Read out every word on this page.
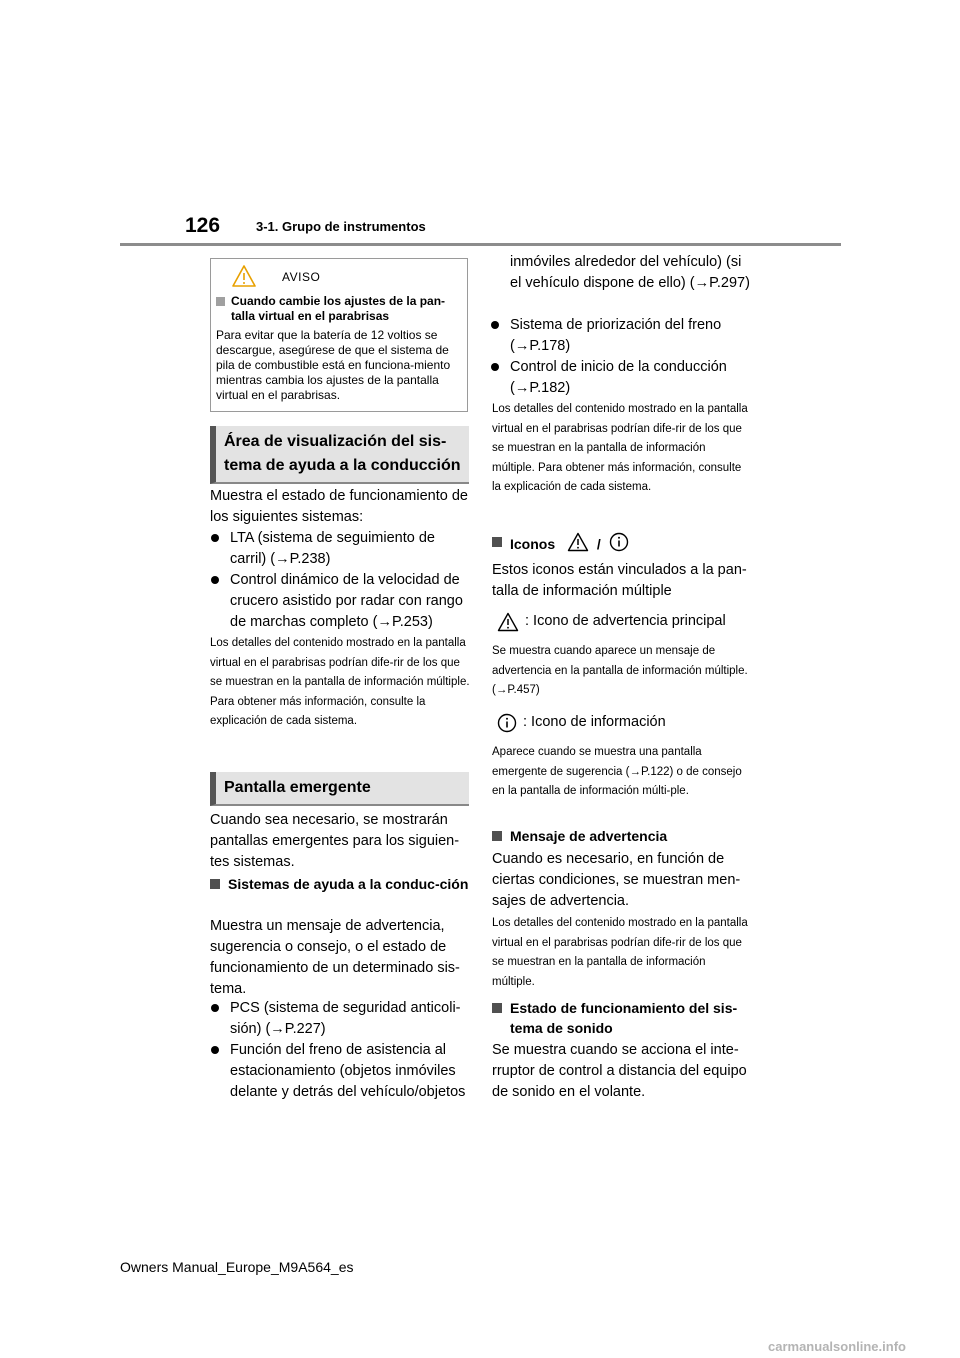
126	3-1. Grupo de instrumentos
AVISO
Cuando cambie los ajustes de la pan-talla virtual en el parabrisas
Para evitar que la batería de 12 voltios se descargue, asegúrese de que el sistema de pila de combustible está en funciona-miento mientras cambia los ajustes de la pantalla virtual en el parabrisas.
Área de visualización del sis-tema de ayuda a la conducción
Muestra el estado de funcionamiento de los siguientes sistemas:
LTA (sistema de seguimiento de carril) (→P.238)
Control dinámico de la velocidad de crucero asistido por radar con rango de marchas completo (→P.253)
Los detalles del contenido mostrado en la pantalla virtual en el parabrisas podrían dife-rir de los que se muestran en la pantalla de información múltiple. Para obtener más información, consulte la explicación de cada sistema.
Pantalla emergente
Cuando sea necesario, se mostrarán pantallas emergentes para los siguien-tes sistemas.
Sistemas de ayuda a la conduc-ción
Muestra un mensaje de advertencia, sugerencia o consejo, o el estado de funcionamiento de un determinado sis-tema.
PCS (sistema de seguridad anticoli-sión) (→P.227)
Función del freno de asistencia al estacionamiento (objetos inmóviles delante y detrás del vehículo/objetos
inmóviles alrededor del vehículo) (si el vehículo dispone de ello) (→P.297)
Sistema de priorización del freno (→P.178)
Control de inicio de la conducción (→P.182)
Los detalles del contenido mostrado en la pantalla virtual en el parabrisas podrían dife-rir de los que se muestran en la pantalla de información múltiple. Para obtener más información, consulte la explicación de cada sistema.
Iconos	/
Estos iconos están vinculados a la pan-talla de información múltiple
: Icono de advertencia principal
Se muestra cuando aparece un mensaje de advertencia en la pantalla de información múltiple. (→P.457)
: Icono de información
Aparece cuando se muestra una pantalla emergente de sugerencia (→P.122) o de consejo en la pantalla de información múlti-ple.
Mensaje de advertencia
Cuando es necesario, en función de ciertas condiciones, se muestran men-sajes de advertencia.
Los detalles del contenido mostrado en la pantalla virtual en el parabrisas podrían dife-rir de los que se muestran en la pantalla de información múltiple.
Estado de funcionamiento del sis-tema de sonido
Se muestra cuando se acciona el inte-rruptor de control a distancia del equipo de sonido en el volante.
Owners Manual_Europe_M9A564_es
carmanualsonline.info
